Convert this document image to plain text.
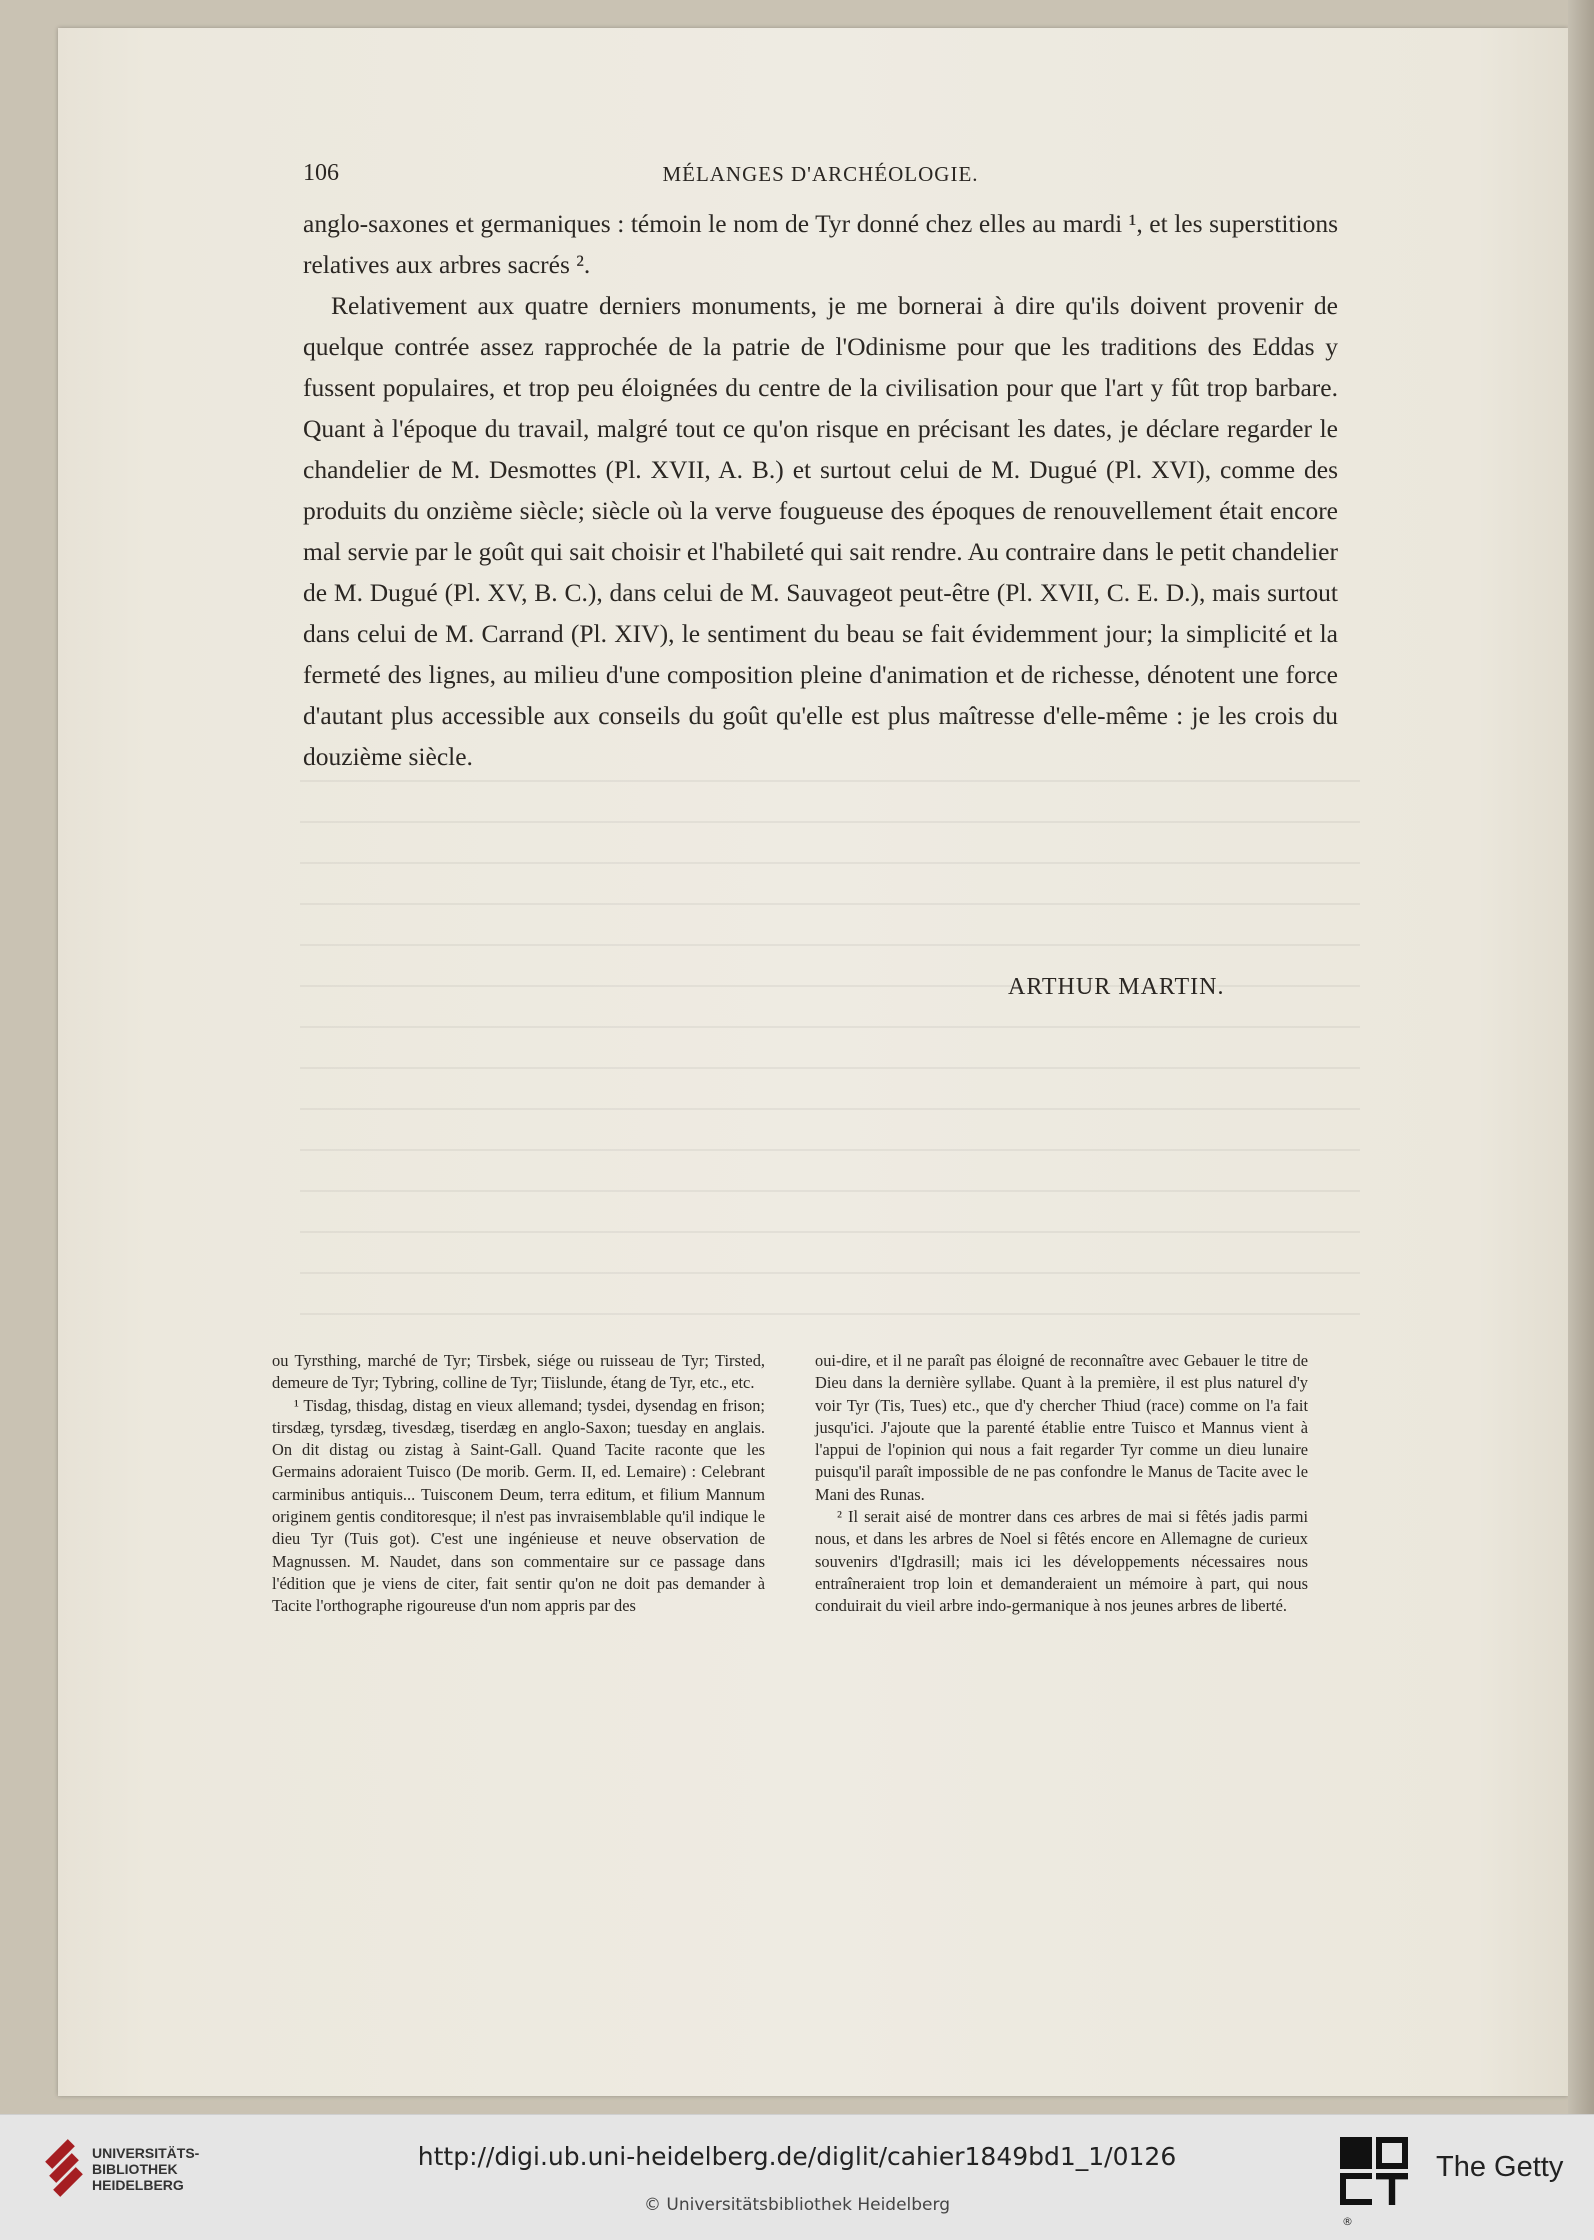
106	MÉLANGES D'ARCHÉOLOGIE.

anglo-saxones et germaniques : témoin le nom de Tyr donné chez elles au mardi ¹, et les superstitions relatives aux arbres sacrés ².

Relativement aux quatre derniers monuments, je me bornerai à dire qu'ils doivent provenir de quelque contrée assez rapprochée de la patrie de l'Odinisme pour que les traditions des Eddas y fussent populaires, et trop peu éloignées du centre de la civilisation pour que l'art y fût trop barbare. Quant à l'époque du travail, malgré tout ce qu'on risque en précisant les dates, je déclare regarder le chandelier de M. Desmottes (Pl. XVII, A. B.) et surtout celui de M. Dugué (Pl. XVI), comme des produits du onzième siècle; siècle où la verve fougueuse des époques de renouvellement était encore mal servie par le goût qui sait choisir et l'habileté qui sait rendre. Au contraire dans le petit chandelier de M. Dugué (Pl. XV, B. C.), dans celui de M. Sauvageot peut-être (Pl. XVII, C. E. D.), mais surtout dans celui de M. Carrand (Pl. XIV), le sentiment du beau se fait évidemment jour; la simplicité et la fermeté des lignes, au milieu d'une composition pleine d'animation et de richesse, dénotent une force d'autant plus accessible aux conseils du goût qu'elle est plus maîtresse d'elle-même : je les crois du douzième siècle.

ARTHUR MARTIN.

ou Tyrsthing, marché de Tyr; Tirsbek, siége ou ruisseau de Tyr; Tirsted, demeure de Tyr; Tybring, colline de Tyr; Tiislunde, étang de Tyr, etc., etc.

¹ Tisdag, thisdag, distag en vieux allemand; tysdei, dysendag en frison; tirsdæg, tyrsdæg, tivesdæg, tiserdæg en anglo-Saxon; tuesday en anglais. On dit distag ou zistag à Saint-Gall. Quand Tacite raconte que les Germains adoraient Tuisco (De morib. Germ. II, ed. Lemaire) : Celebrant carminibus antiquis... Tuisconem Deum, terra editum, et filium Mannum originem gentis conditoresque; il n'est pas invraisemblable qu'il indique le dieu Tyr (Tuis got). C'est une ingénieuse et neuve observation de Magnussen. M. Naudet, dans son commentaire sur ce passage dans l'édition que je viens de citer, fait sentir qu'on ne doit pas demander à Tacite l'orthographe rigoureuse d'un nom appris par des

oui-dire, et il ne paraît pas éloigné de reconnaître avec Gebauer le titre de Dieu dans la dernière syllabe. Quant à la première, il est plus naturel d'y voir Tyr (Tis, Tues) etc., que d'y chercher Thiud (race) comme on l'a fait jusqu'ici. J'ajoute que la parenté établie entre Tuisco et Mannus vient à l'appui de l'opinion qui nous a fait regarder Tyr comme un dieu lunaire puisqu'il paraît impossible de ne pas confondre le Manus de Tacite avec le Mani des Runas.

² Il serait aisé de montrer dans ces arbres de mai si fêtés jadis parmi nous, et dans les arbres de Noel si fêtés encore en Allemagne de curieux souvenirs d'Igdrasill; mais ici les développements nécessaires nous entraîneraient trop loin et demanderaient un mémoire à part, qui nous conduirait du vieil arbre indo-germanique à nos jeunes arbres de liberté.

UNIVERSITÄTS-
BIBLIOTHEK
HEIDELBERG
http://digi.ub.uni-heidelberg.de/diglit/cahier1849bd1_1/0126
© Universitätsbibliothek Heidelberg
®
The Getty
